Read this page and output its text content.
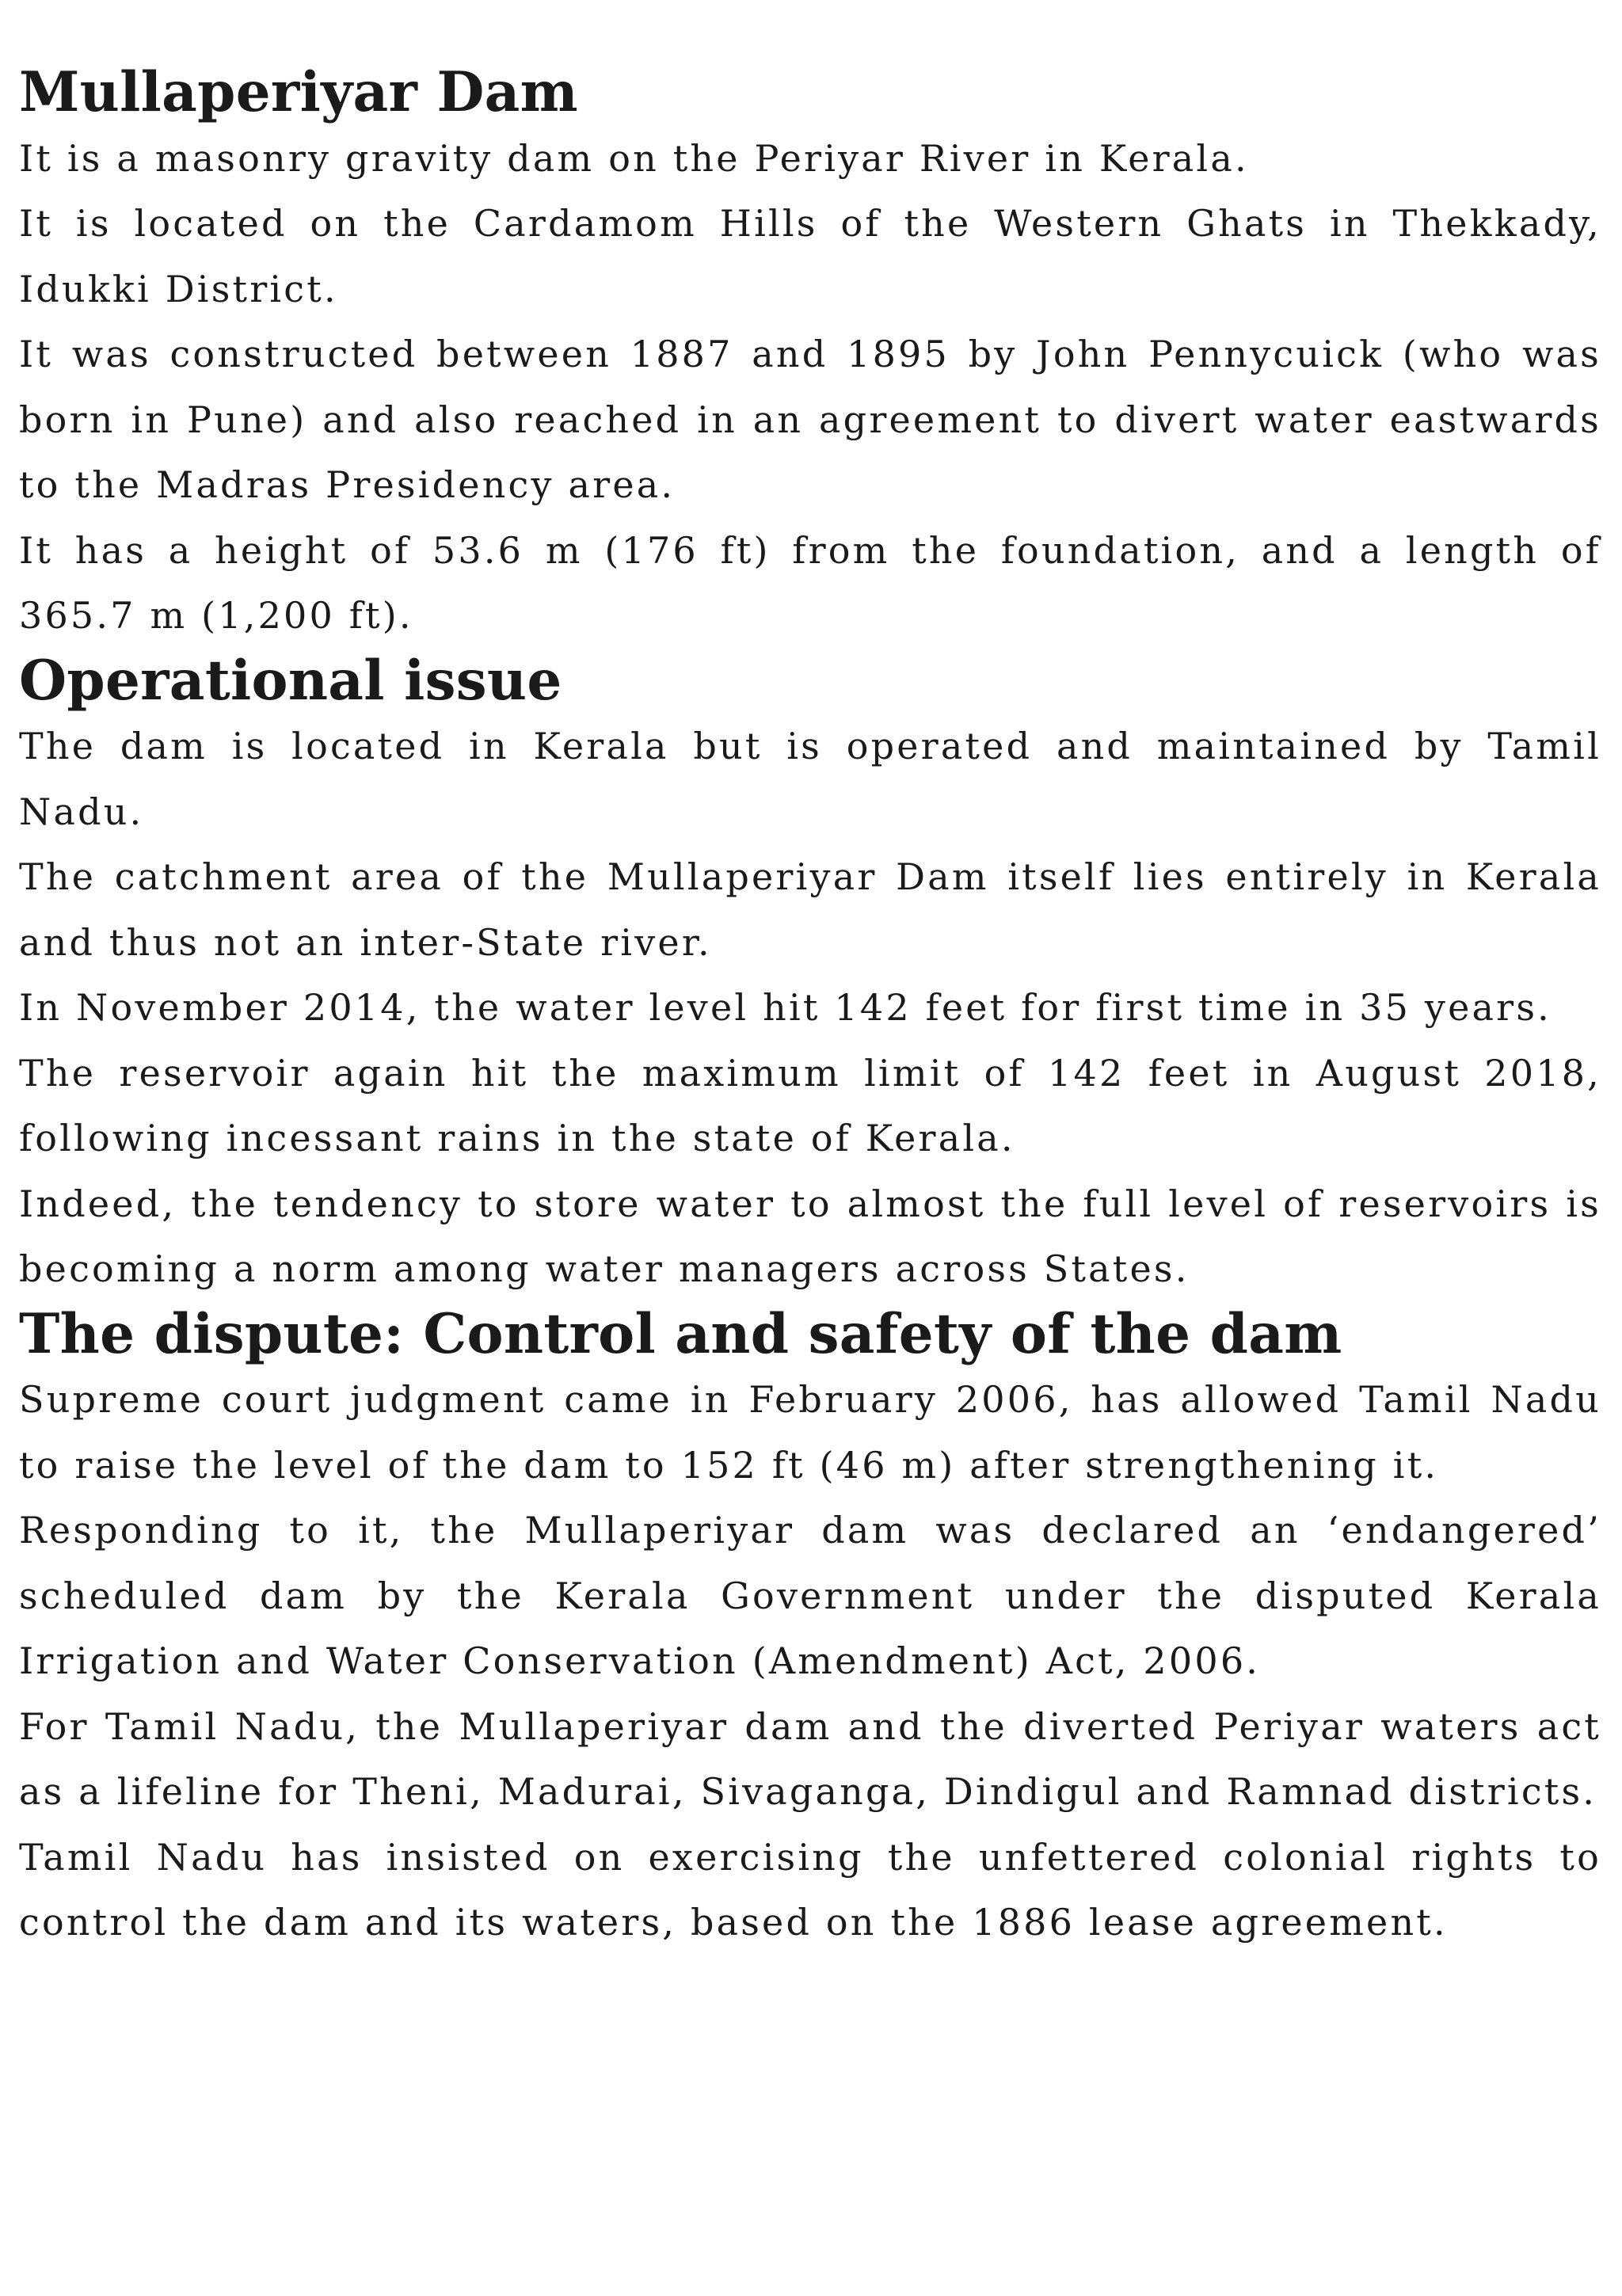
Mullaperiyar Dam

It is a masonry gravity dam on the Periyar River in Kerala.

It is located on the Cardamom Hills of the Western Ghats in Thekkady, Idukki District.

It was constructed between 1887 and 1895 by John Pennycuick (who was born in Pune) and also reached in an agreement to divert water eastwards to the Madras Presidency area.

It has a height of 53.6 m (176 ft) from the foundation, and a length of 365.7 m (1,200 ft).

Operational issue

The dam is located in Kerala but is operated and maintained by Tamil Nadu.

The catchment area of the Mullaperiyar Dam itself lies entirely in Kerala and thus not an inter-State river.

In November 2014, the water level hit 142 feet for first time in 35 years.

The reservoir again hit the maximum limit of 142 feet in August 2018, following incessant rains in the state of Kerala.

Indeed, the tendency to store water to almost the full level of reservoirs is becoming a norm among water managers across States.

The dispute: Control and safety of the dam

Supreme court judgment came in February 2006, has allowed Tamil Nadu to raise the level of the dam to 152 ft (46 m) after strengthening it.

Responding to it, the Mullaperiyar dam was declared an ‘endangered’ scheduled dam by the Kerala Government under the disputed Kerala Irrigation and Water Conservation (Amendment) Act, 2006.

For Tamil Nadu, the Mullaperiyar dam and the diverted Periyar waters act as a lifeline for Theni, Madurai, Sivaganga, Dindigul and Ramnad districts.

Tamil Nadu has insisted on exercising the unfettered colonial rights to control the dam and its waters, based on the 1886 lease agreement.
